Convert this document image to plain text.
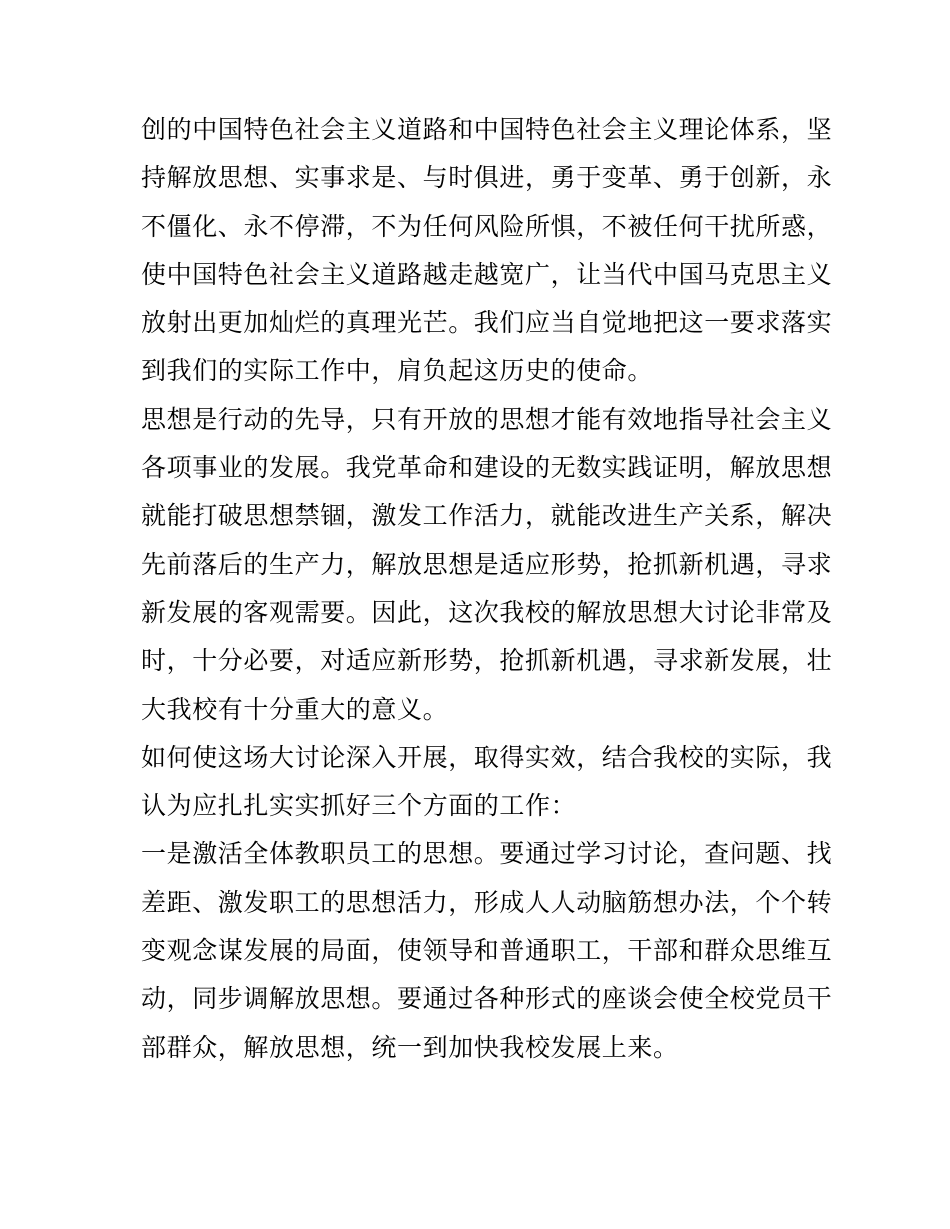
创的中国特色社会主义道路和中国特色社会主义理论体系，坚
持解放思想、实事求是、与时俱进，勇于变革、勇于创新，永
不僵化、永不停滞，不为任何风险所惧，不被任何干扰所惑，
使中国特色社会主义道路越走越宽广，让当代中国马克思主义
放射出更加灿烂的真理光芒。我们应当自觉地把这一要求落实
到我们的实际工作中，肩负起这历史的使命。
思想是行动的先导，只有开放的思想才能有效地指导社会主义
各项事业的发展。我党革命和建设的无数实践证明，解放思想
就能打破思想禁锢，激发工作活力，就能改进生产关系，解决
先前落后的生产力，解放思想是适应形势，抢抓新机遇，寻求
新发展的客观需要。因此，这次我校的解放思想大讨论非常及
时，十分必要，对适应新形势，抢抓新机遇，寻求新发展，壮
大我校有十分重大的意义。
如何使这场大讨论深入开展，取得实效，结合我校的实际，我
认为应扎扎实实抓好三个方面的工作：
一是激活全体教职员工的思想。要通过学习讨论，查问题、找
差距、激发职工的思想活力，形成人人动脑筋想办法，个个转
变观念谋发展的局面，使领导和普通职工，干部和群众思维互
动，同步调解放思想。要通过各种形式的座谈会使全校党员干
部群众，解放思想，统一到加快我校发展上来。
